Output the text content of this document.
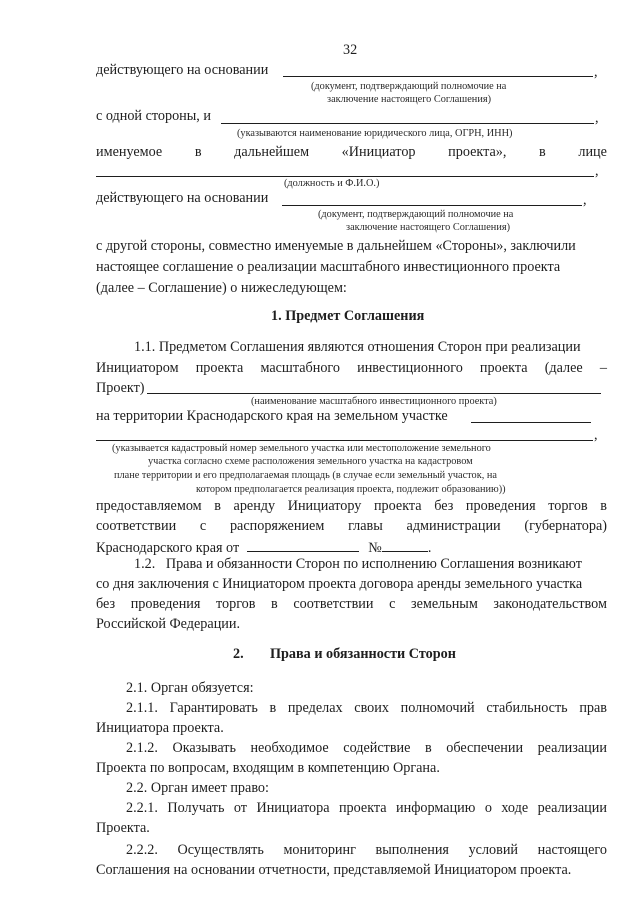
32
действующего на основании	,
(документ, подтверждающий полномочие на
заключение настоящего Соглашения)
с одной стороны, и	,
(указываются наименование юридического лица, ОГРН, ИНН)
именуемое в дальнейшем «Инициатор проекта», в лице
,
(должность и Ф.И.О.)
действующего на основании	,
(документ, подтверждающий полномочие на
заключение настоящего Соглашения)
с другой стороны, совместно именуемые в дальнейшем «Стороны», заключили
настоящее соглашение о реализации масштабного инвестиционного проекта
(далее – Соглашение) о нижеследующем:
1. Предмет Соглашения
1.1. Предметом Соглашения являются отношения Сторон при реализации
Инициатором проекта масштабного инвестиционного проекта (далее –
Проект)
(наименование масштабного инвестиционного проекта)
на территории Краснодарского края на земельном участке
,
(указывается кадастровый номер земельного участка или местоположение земельного
участка согласно схеме расположения земельного участка на кадастровом
плане территории и его предполагаемая площадь (в случае если земельный участок, на
котором предполагается реализация проекта, подлежит образованию))
предоставляемом в аренду Инициатору проекта без проведения торгов в
соответствии с распоряжением главы администрации (губернатора)
Краснодарского края от	№	.
1.2.   Права и обязанности Сторон по исполнению Соглашения возникают
со дня заключения с Инициатором проекта договора аренды земельного участка
без проведения торгов в соответствии с земельным законодательством
Российской Федерации.
2. Права и обязанности Сторон
2.1. Орган обязуется:
2.1.1. Гарантировать в пределах своих полномочий стабильность прав
Инициатора проекта.
2.1.2. Оказывать необходимое содействие в обеспечении реализации
Проекта по вопросам, входящим в компетенцию Органа.
2.2. Орган имеет право:
2.2.1. Получать от Инициатора проекта информацию о ходе реализации
Проекта.
2.2.2. Осуществлять мониторинг выполнения условий настоящего
Соглашения на основании отчетности, представляемой Инициатором проекта.
